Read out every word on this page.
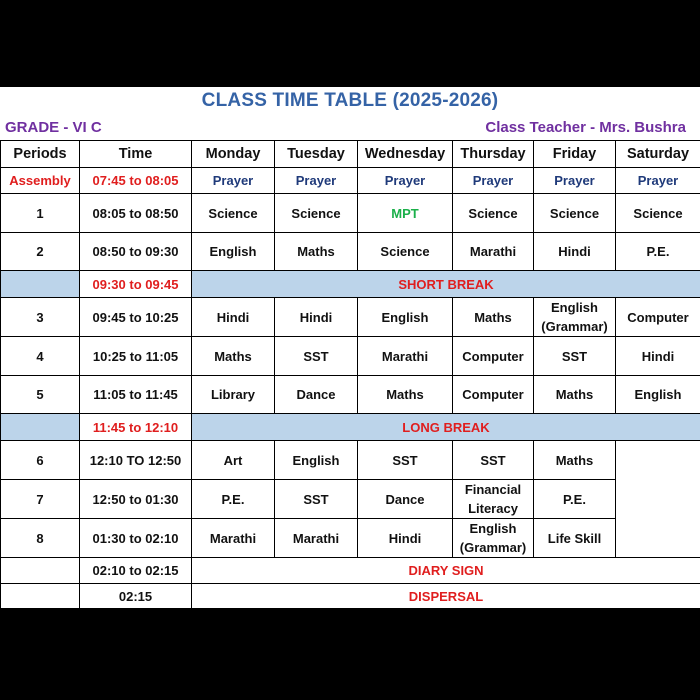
CLASS TIME TABLE (2025-2026)
GRADE - VI C	Class Teacher - Mrs. Bushra
Periods	Time	Monday	Tuesday	Wednesday	Thursday	Friday	Saturday
Assembly	07:45 to 08:05	Prayer	Prayer	Prayer	Prayer	Prayer	Prayer
1	08:05 to 08:50	Science	Science	MPT	Science	Science	Science
2	08:50 to 09:30	English	Maths	Science	Marathi	Hindi	P.E.
	09:30 to 09:45	SHORT BREAK					
3	09:45 to 10:25	Hindi	Hindi	English	Maths	English (Grammar)	Computer
4	10:25 to 11:05	Maths	SST	Marathi	Computer	SST	Hindi
5	11:05 to 11:45	Library	Dance	Maths	Computer	Maths	English
	11:45 to 12:10	LONG BREAK					
6	12:10 TO 12:50	Art	English	SST	SST	Maths	
7	12:50 to 01:30	P.E.	SST	Dance	Financial Literacy	P.E.	
8	01:30 to 02:10	Marathi	Marathi	Hindi	English (Grammar)	Life Skill	
	02:10 to 02:15	DIARY SIGN					
	02:15	DISPERSAL					
